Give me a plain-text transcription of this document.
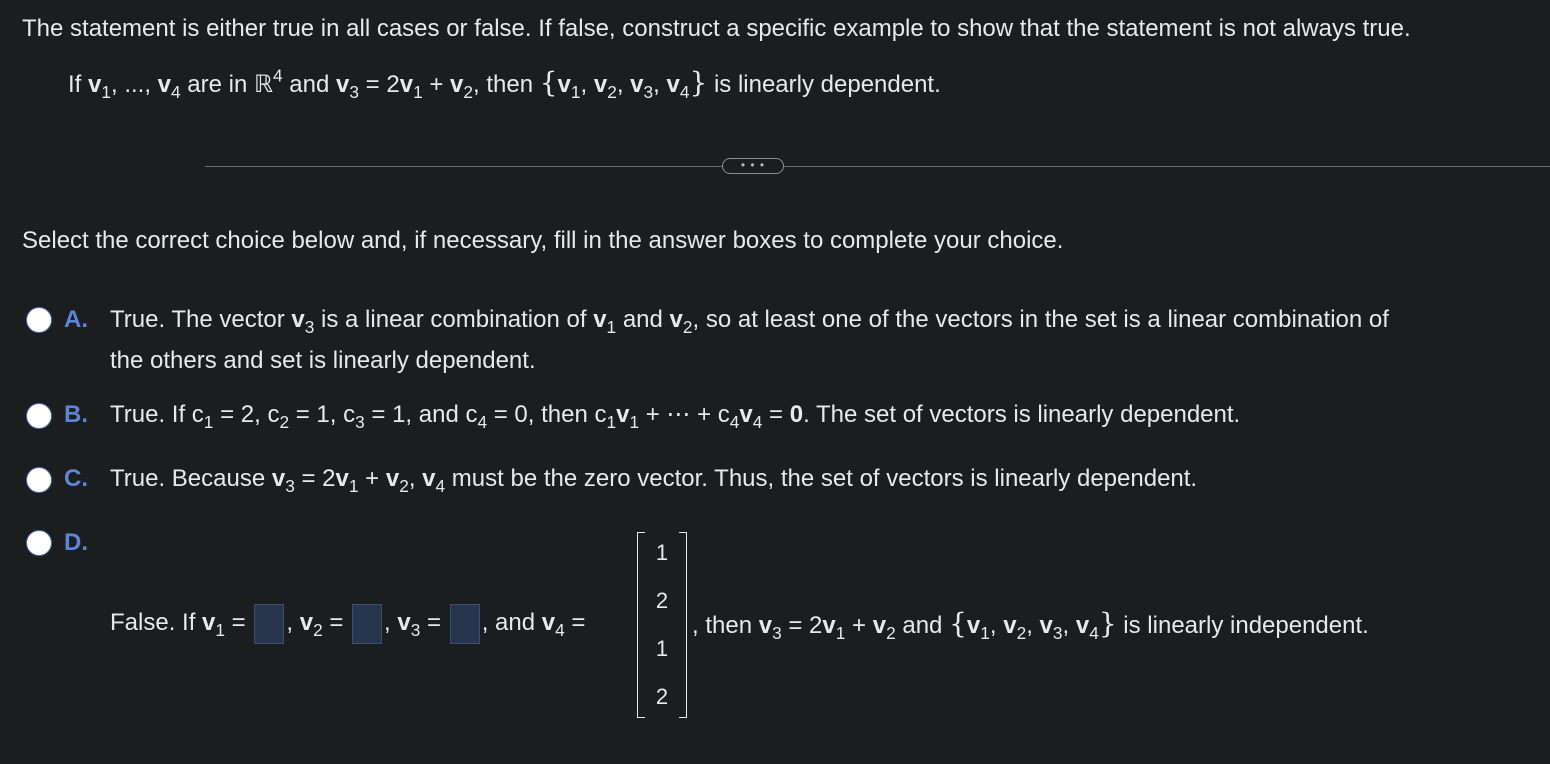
The statement is either true in all cases or false. If false, construct a specific example to show that the statement is not always true.
If $v_1$, ..., $v_4$ are in ℝ$^4$ and $v_3 = 2v_1 + v_2$, then {$v_1$, $v_2$, $v_3$, $v_4$} is linearly dependent.
• • •
Select the correct choice below and, if necessary, fill in the answer boxes to complete your choice.
A. True. The vector $v_3$ is a linear combination of $v_1$ and $v_2$, so at least one of the vectors in the set is a linear combination of
the others and set is linearly dependent.
B. True. If $c_1 = 2$, $c_2 = 1$, $c_3 = 1$, and $c_4 = 0$, then $c_1v_1$ + ⋯ + $c_4v_4 = 0$. The set of vectors is linearly dependent.
C. True. Because $v_3 = 2v_1 + v_2$, $v_4$ must be the zero vector. Thus, the set of vectors is linearly dependent.
D.
False. If $v_1$ = , $v_2$ = , $v_3$ = , and $v_4$ =
1
2
1
2
, then $v_3 = 2v_1 + v_2$ and {$v_1$, $v_2$, $v_3$, $v_4$} is linearly independent.
